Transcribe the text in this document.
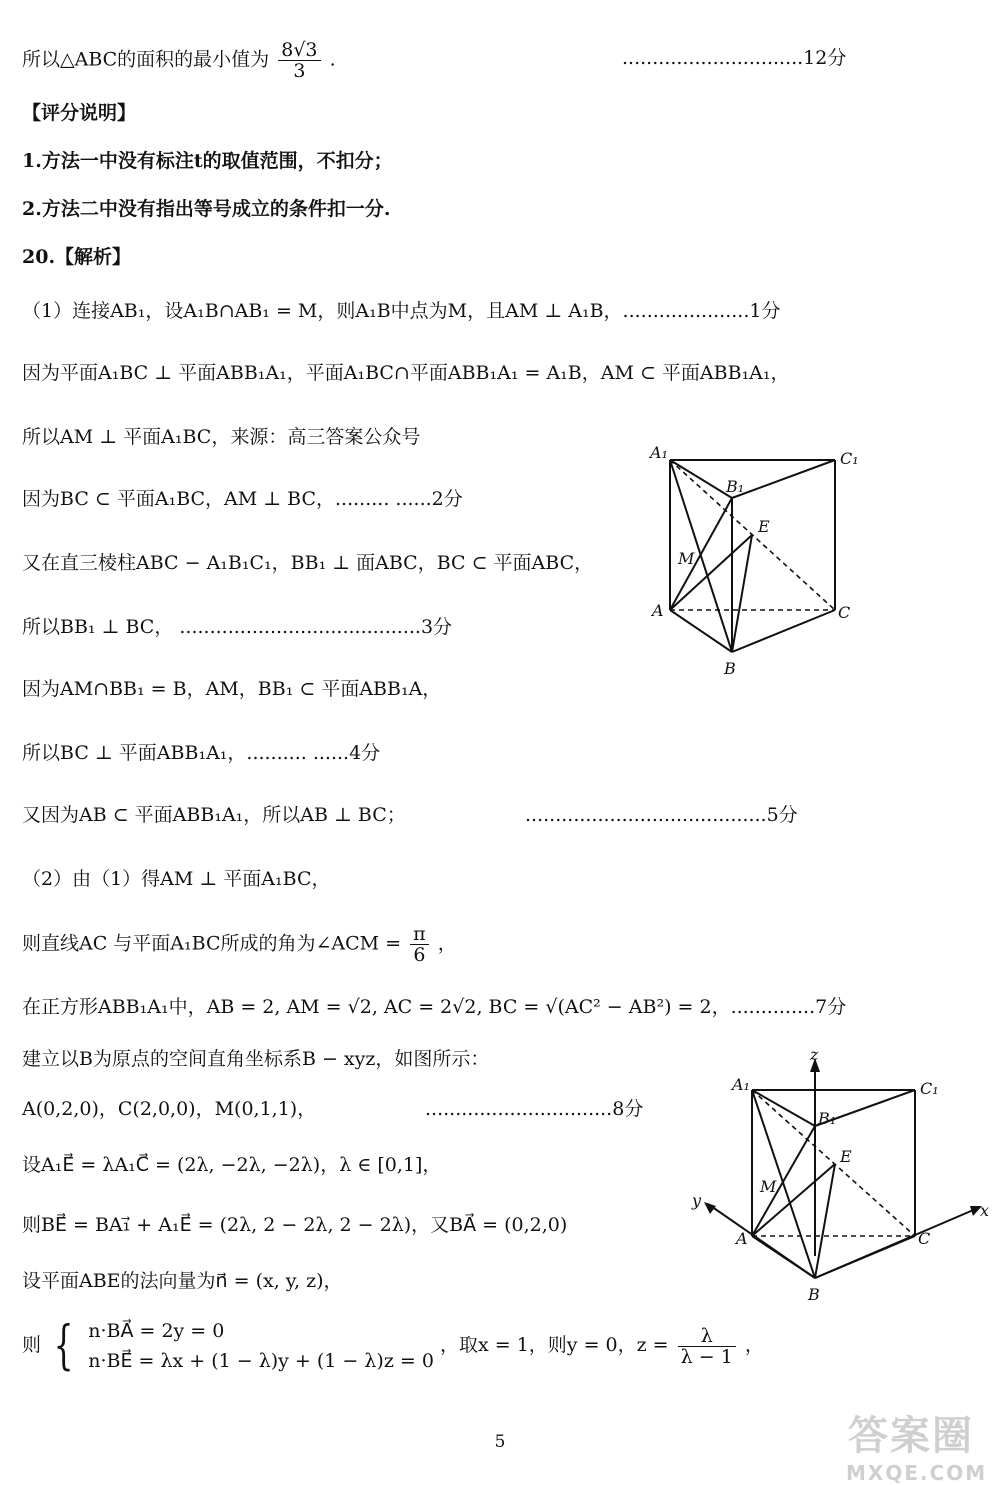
所以△ABC的面积的最小值为 $\frac{8√3}{3}$ .	..............................12分
【评分说明】
1.方法一中没有标注t的取值范围，不扣分；
2.方法二中没有指出等号成立的条件扣一分.
20.【解析】
（1）连接AB₁，设A₁B∩AB₁ = M，则A₁B中点为M，且AM ⊥ A₁B，.....................1分
因为平面A₁BC ⊥ 平面ABB₁A₁，平面A₁BC∩平面ABB₁A₁ = A₁B，AM ⊂ 平面ABB₁A₁，
所以AM ⊥ 平面A₁BC，来源：高三答案公众号
因为BC ⊂ 平面A₁BC，AM ⊥ BC，......... ......2分
又在直三棱柱ABC − A₁B₁C₁，BB₁ ⊥ 面ABC，BC ⊂ 平面ABC，
所以BB₁ ⊥ BC， ........................................3分
因为AM∩BB₁ = B，AM，BB₁ ⊂ 平面ABB₁A，
所以BC ⊥ 平面ABB₁A₁，.......... ......4分
又因为AB ⊂ 平面ABB₁A₁，所以AB ⊥ BC；	........................................5分
（2）由（1）得AM ⊥ 平面A₁BC，
则直线AC 与平面A₁BC所成的角为∠ACM = $\frac{\pi}{6}$ ，
在正方形ABB₁A₁中，AB = 2, AM = √2, AC = 2√2, BC = √(AC² − AB²) = 2，..............7分
建立以B为原点的空间直角坐标系B − xyz，如图所示：
A(0,2,0)，C(2,0,0)，M(0,1,1)，	...............................8分
设A₁E⃗ = λA₁C⃗ = (2λ, −2λ, −2λ)，λ ∈ [0,1]，
则BE⃗ = BA₁⃗ + A₁E⃗ = (2λ, 2 − 2λ, 2 − 2λ)，又BA⃗ = (0,2,0)
设平面ABE的法向量为n⃗ = (x, y, z)，
则 { n·BA⃗ = 2y = 0
n·BE⃗ = λx + (1 − λ)y + (1 − λ)z = 0
，取x = 1，则y = 0，$z = \frac{\lambda}{\lambda - 1}$ ，
A₁	C₁
B₁
E
M
A	C
B
z
A₁	C₁
B₁
E
M
y
A	C
x
B
5	答案圈
MXQE.COM
